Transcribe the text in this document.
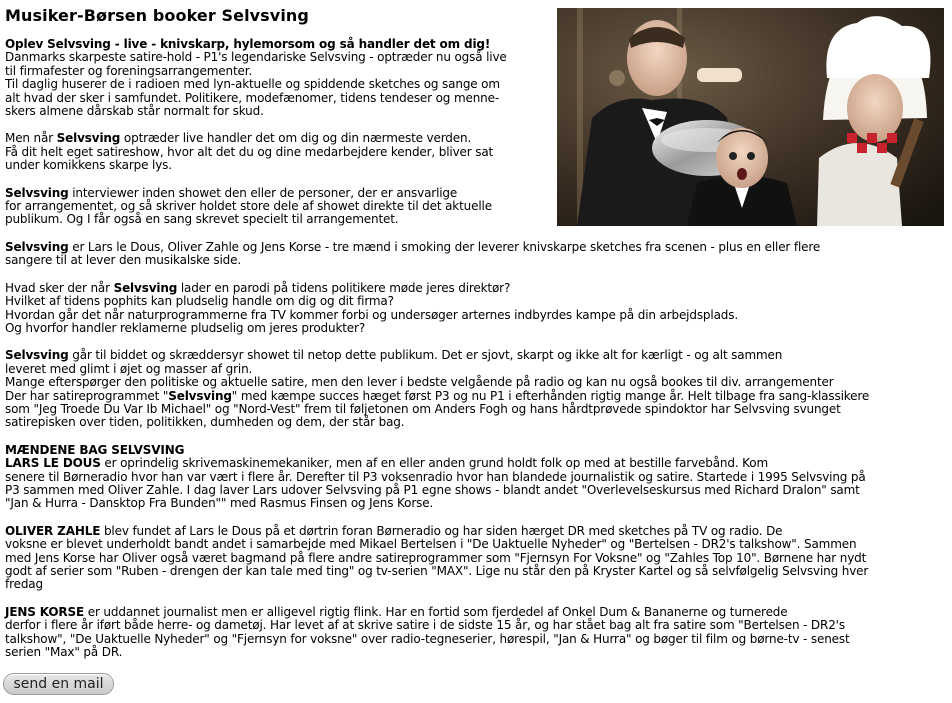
Musiker-Børsen booker Selvsving
Oplev Selvsving - live - knivskarp, hylemorsom og så handler det om dig!
Danmarks skarpeste satire-hold - P1's legendariske Selvsving - optræder nu også live
til firmafester og foreningsarrangementer.
Til daglig huserer de i radioen med lyn-aktuelle og spiddende sketches og sange om
alt hvad der sker i samfundet. Politikere, modefænomer, tidens tendeser og menne-
skers almene dårskab står normalt for skud.
Men når Selvsving optræder live handler det om dig og din nærmeste verden.
Få dit helt eget satireshow, hvor alt det du og dine medarbejdere kender, bliver sat
under komikkens skarpe lys.
Selvsving interviewer inden showet den eller de personer, der er ansvarlige
for arrangementet, og så skriver holdet store dele af showet direkte til det aktuelle
publikum. Og I får også en sang skrevet specielt til arrangementet.
Selvsving er Lars le Dous, Oliver Zahle og Jens Korse - tre mænd i smoking der leverer knivskarpe sketches fra scenen - plus en eller flere
sangere til at lever den musikalske side.
Hvad sker der når Selvsving lader en parodi på tidens politikere møde jeres direktør?
Hvilket af tidens pophits kan pludselig handle om dig og dit firma?
Hvordan går det når naturprogrammerne fra TV kommer forbi og undersøger arternes indbyrdes kampe på din arbejdsplads.
Og hvorfor handler reklamerne pludselig om jeres produkter?
Selvsving går til biddet og skræddersyr showet til netop dette publikum. Det er sjovt, skarpt og ikke alt for kærligt - og alt sammen
leveret med glimt i øjet og masser af grin.
Mange efterspørger den politiske og aktuelle satire, men den lever i bedste velgående på radio og kan nu også bookes til div. arrangementer
Der har satireprogrammet "Selvsving" med kæmpe succes hæget først P3 og nu P1 i efterhånden rigtig mange år. Helt tilbage fra sang-klassikere
som "Jeg Troede Du Var Ib Michael" og "Nord-Vest" frem til føljetonen om Anders Fogh og hans hårdtprøvede spindoktor har Selvsving svunget
satirepisken over tiden, politikken, dumheden og dem, der står bag.
MÆNDENE BAG SELVSVING
LARS LE DOUS er oprindelig skrivemaskinemekaniker, men af en eller anden grund holdt folk op med at bestille farvebånd. Kom
senere til Børneradio hvor han var vært i flere år. Derefter til P3 voksenradio hvor han blandede journalistik og satire. Startede i 1995 Selvsving på
P3 sammen med Oliver Zahle. I dag laver Lars udover Selvsving på P1 egne shows - blandt andet "Overlevelseskursus med Richard Dralon" samt
"Jan & Hurra - Dansktop Fra Bunden"" med Rasmus Finsen og Jens Korse.
OLIVER ZAHLE blev fundet af Lars le Dous på et dørtrin foran Børneradio og har siden hærget DR med sketches på TV og radio. De
voksne er blevet underholdt bandt andet i samarbejde med Mikael Bertelsen i "De Uaktuelle Nyheder" og "Bertelsen - DR2's talkshow". Sammen
med Jens Korse har Oliver også været bagmand på flere andre satireprogrammer som "Fjernsyn For Voksne" og "Zahles Top 10". Børnene har nydt
godt af serier som "Ruben - drengen der kan tale med ting" og tv-serien "MAX". Lige nu står den på Kryster Kartel og så selvfølgelig Selvsving hver
fredag
JENS KORSE er uddannet journalist men er alligevel rigtig flink. Har en fortid som fjerdedel af Onkel Dum & Bananerne og turnerede
derfor i flere år iført både herre- og dametøj. Har levet af at skrive satire i de sidste 15 år, og har stået bag alt fra satire som "Bertelsen - DR2's
talkshow", "De Uaktuelle Nyheder" og "Fjernsyn for voksne" over radio-tegneserier, hørespil, "Jan & Hurra" og bøger til film og børne-tv - senest
serien "Max" på DR.
send en mail
